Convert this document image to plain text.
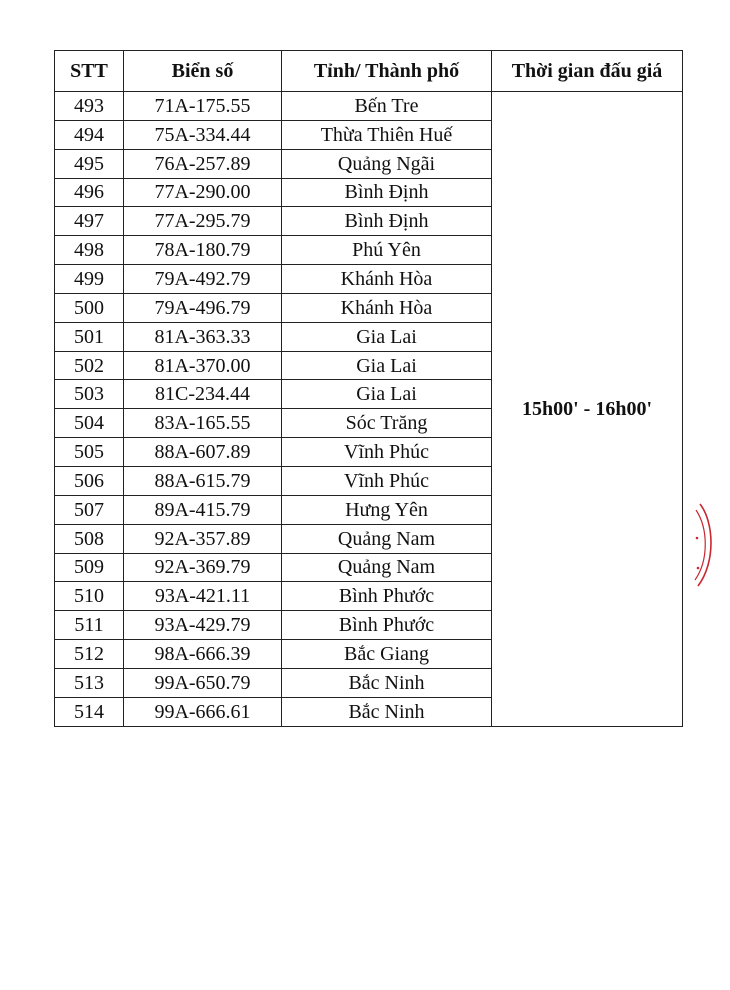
STT	Biển số	Tỉnh/ Thành phố	Thời gian đấu giá
493	71A-175.55	Bến Tre	15h00' - 16h00'
494	75A-334.44	Thừa Thiên Huế	
495	76A-257.89	Quảng Ngãi	
496	77A-290.00	Bình Định	
497	77A-295.79	Bình Định	
498	78A-180.79	Phú Yên	
499	79A-492.79	Khánh Hòa	
500	79A-496.79	Khánh Hòa	
501	81A-363.33	Gia Lai	
502	81A-370.00	Gia Lai	
503	81C-234.44	Gia Lai	
504	83A-165.55	Sóc Trăng	
505	88A-607.89	Vĩnh Phúc	
506	88A-615.79	Vĩnh Phúc	
507	89A-415.79	Hưng Yên	
508	92A-357.89	Quảng Nam	
509	92A-369.79	Quảng Nam	
510	93A-421.11	Bình Phước	
511	93A-429.79	Bình Phước	
512	98A-666.39	Bắc Giang	
513	99A-650.79	Bắc Ninh	
514	99A-666.61	Bắc Ninh	
